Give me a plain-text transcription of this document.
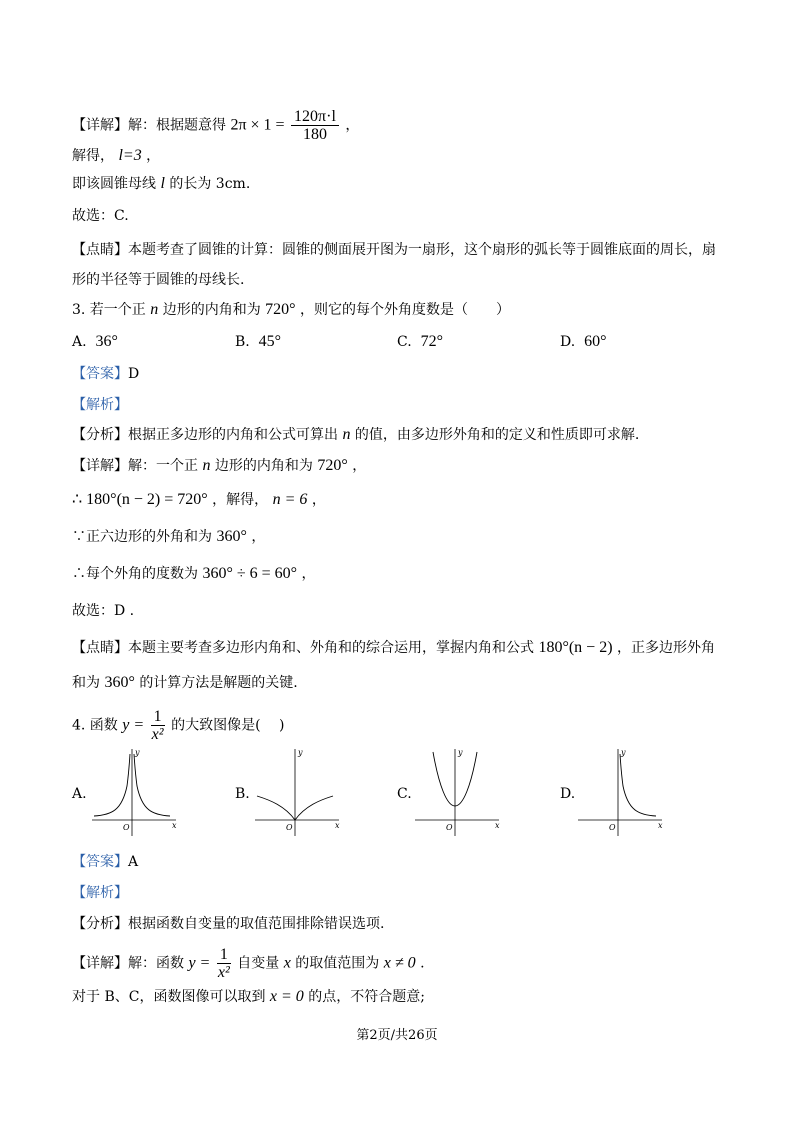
【详解】解：根据题意得 $2\pi \times 1 = \frac{120\pi\cdot l}{180}$ ，
解得， l=3 ，
即该圆锥母线 l 的长为 3cm.
故选：C.
【点睛】本题考查了圆锥的计算：圆锥的侧面展开图为一扇形，这个扇形的弧长等于圆锥底面的周长，扇
形的半径等于圆锥的母线长.
3. 若一个正 n 边形的内角和为 720° ，则它的每个外角度数是（　　）
A. 36°	B. 45°	C. 72°	D. 60°
【答案】D
【解析】
【分析】根据正多边形的内角和公式可算出 n 的值，由多边形外角和的定义和性质即可求解.
【详解】解：一个正 n 边形的内角和为 720° ，
∴ 180°(n − 2) = 720° ，解得， n = 6 ，
∵正六边形的外角和为 360° ，
∴每个外角的度数为 360° ÷ 6 = 60° ，
故选：D .
【点睛】本题主要考查多边形内角和、外角和的综合运用，掌握内角和公式 180°(n − 2) ，正多边形外角
和为 360° 的计算方法是解题的关键.
4. 函数 $y = \frac{1}{\text{x²}}$ 的大致图像是(　 )
A.	B.	C.	D.
y
x
O
y
x
O
y
x
O
y
x
O
【答案】A
【解析】
【分析】根据函数自变量的取值范围排除错误选项.
【详解】解：函数 $y = \frac{1}{\text{x²}}$ 自变量 x 的取值范围为 x ≠ 0 .
对于 B、C，函数图像可以取到 x = 0 的点，不符合题意;
第2页/共26页
